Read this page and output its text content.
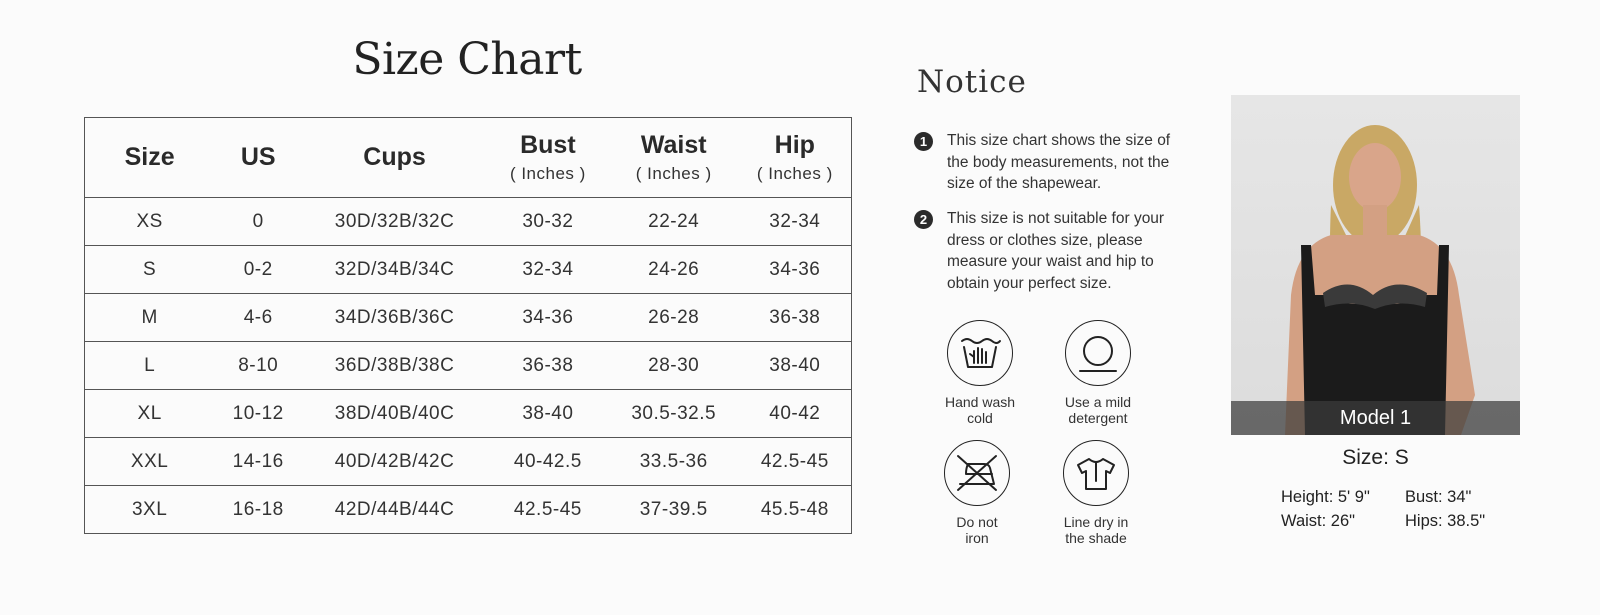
Size Chart
Size	US	Cups	Bust
( Inches )	Waist
( Inches )	Hip
( Inches )

XS	0	30D/32B/32C	30-32	22-24	32-34
S	0-2	32D/34B/34C	32-34	24-26	34-36
M	4-6	34D/36B/36C	34-36	26-28	36-38
L	8-10	36D/38B/38C	36-38	28-30	38-40
XL	10-12	38D/40B/40C	38-40	30.5-32.5	40-42
XXL	14-16	40D/42B/42C	40-42.5	33.5-36	42.5-45
3XL	16-18	42D/44B/44C	42.5-45	37-39.5	45.5-48
Notice
1	This size chart shows the size of the body measurements, not the size of the shapewear.
2	This size is not suitable for your dress or clothes size, please measure your waist and hip to obtain your perfect size.
Hand wash
cold
Use a mild
detergent
Do not
iron
Line dry in
the shade
Model 1
Size: S
Height: 5' 9" Bust: 34"
Waist: 26"	Hips: 38.5"
